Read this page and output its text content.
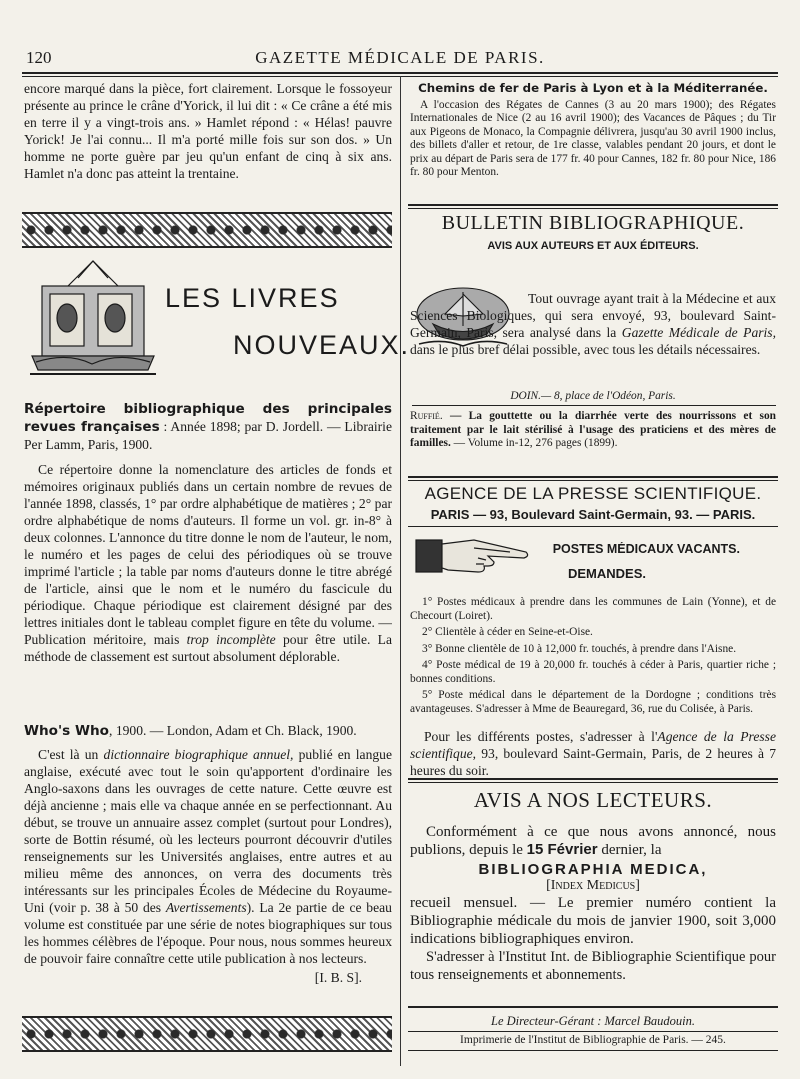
120	GAZETTE MÉDICALE DE PARIS.

encore marqué dans la pièce, fort clairement. Lorsque le fossoyeur présente au prince le crâne d'Yorick, il lui dit : « Ce crâne a été mis en terre il y a vingt-trois ans. » Hamlet répond : « Hélas! pauvre Yorick! Je l'ai connu... Il m'a porté mille fois sur son dos. » Un homme ne porte guère par jeu qu'un enfant de cinq à six ans. Hamlet n'a donc pas atteint la trentaine.

LES LIVRES
NOUVEAUX.

Répertoire bibliographique des principales revues françaises : Année 1898; par D. Jordell. — Librairie Per Lamm, Paris, 1900.

Ce répertoire donne la nomenclature des articles de fonds et mémoires originaux publiés dans un certain nombre de revues de l'année 1898, classés, 1° par ordre alphabétique de matières ; 2° par ordre alphabétique de noms d'auteurs. Il forme un vol. gr. in-8° à deux colonnes. L'annonce du titre donne le nom de l'auteur, le nom, le numéro et les pages de celui des périodiques où se trouve imprimé l'article ; la table par noms d'auteurs donne le titre abrégé de l'article, ainsi que le nom et le numéro du fascicule du périodique. Chaque périodique est clairement désigné par des lettres initiales dont le tableau complet figure en tête du volume. — Publication méritoire, mais trop incomplète pour être utile. La méthode de classement est surtout absolument déplorable.

Who's Who, 1900. — London, Adam et Ch. Black, 1900.

C'est là un dictionnaire biographique annuel, publié en langue anglaise, exécuté avec tout le soin qu'apportent d'ordinaire les Anglo-saxons dans les ouvrages de cette nature. Cette œuvre est déjà ancienne ; mais elle va chaque année en se perfectionnant. Au début, se trouve un annuaire assez complet (surtout pour Londres), sorte de Bottin résumé, où les lecteurs pourront découvrir d'utiles renseignements sur les Universités anglaises, entre autres et au milieu même des annonces, on verra des documents très intéressants sur les principales Écoles de Médecine du Royaume-Uni (voir p. 38 à 50 des Avertissements). La 2e partie de ce beau volume est constituée par une série de notes biographiques sur tous les hommes célèbres de l'époque. Pour nous, nous sommes heureux de pouvoir faire connaître cette utile publication à nos lecteurs.

[I. B. S].

Chemins de fer de Paris à Lyon et à la Méditerranée.

A l'occasion des Régates de Cannes (3 au 20 mars 1900); des Régates Internationales de Nice (2 au 16 avril 1900); des Vacances de Pâques ; du Tir aux Pigeons de Monaco, la Compagnie délivrera, jusqu'au 30 avril 1900 inclus, des billets d'aller et retour, de 1re classe, valables pendant 20 jours, et dont le prix au départ de Paris sera de 177 fr. 40 pour Cannes, 182 fr. 80 pour Nice, 186 fr. 80 pour Menton.

BULLETIN BIBLIOGRAPHIQUE.

AVIS AUX AUTEURS ET AUX ÉDITEURS.

Tout ouvrage ayant trait à la Médecine et aux Sciences Biologiques, qui sera envoyé, 93, boulevard Saint-Germain, Paris, sera analysé dans la Gazette Médicale de Paris, dans le plus bref délai possible, avec tous les détails nécessaires.

DOIN.— 8, place de l'Odéon, Paris.

Ruffié. — La gouttette ou la diarrhée verte des nourrissons et son traitement par le lait stérilisé à l'usage des praticiens et des mères de familles. — Volume in-12, 276 pages (1899).

AGENCE DE LA PRESSE SCIENTIFIQUE.

PARIS — 93, Boulevard Saint-Germain, 93. — PARIS.

POSTES MÉDICAUX VACANTS.

DEMANDES.

1° Postes médicaux à prendre dans les communes de Lain (Yonne), et de Checourt (Loiret).

2° Clientèle à céder en Seine-et-Oise.

3° Bonne clientèle de 10 à 12,000 fr. touchés, à prendre dans l'Aisne.

4° Poste médical de 19 à 20,000 fr. touchés à céder à Paris, quartier riche ; bonnes conditions.

5° Poste médical dans le département de la Dordogne ; conditions très avantageuses. S'adresser à Mme de Beauregard, 36, rue du Colisée, à Paris.

Pour les différents postes, s'adresser à l'Agence de la Presse scientifique, 93, boulevard Saint-Germain, Paris, de 2 heures à 7 heures du soir.

AVIS A NOS LECTEURS.

Conformément à ce que nous avons annoncé, nous publions, depuis le 15 Février dernier, la

BIBLIOGRAPHIA MEDICA,

[Index Medicus]

recueil mensuel. — Le premier numéro contient la Bibliographie médicale du mois de janvier 1900, soit 3,000 indications bibliographiques environ.

S'adresser à l'Institut Int. de Bibliographie Scientifique pour tous renseignements et abonnements.

Le Directeur-Gérant : Marcel Baudouin.

Imprimerie de l'Institut de Bibliographie de Paris. — 245.
